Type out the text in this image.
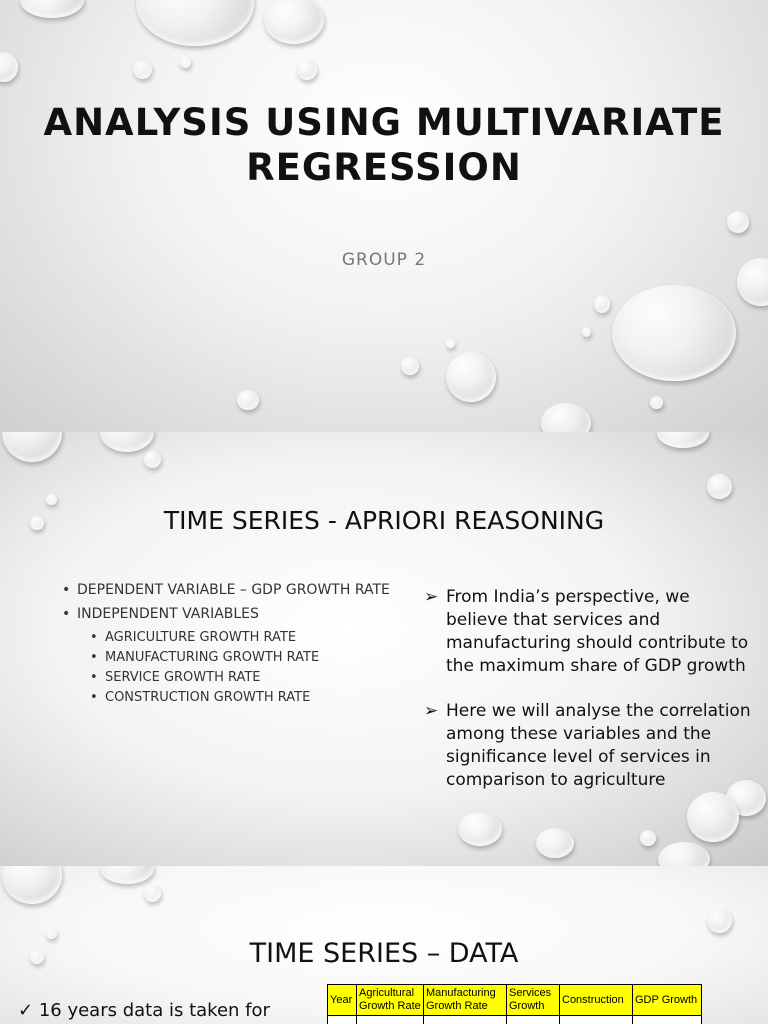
ANALYSIS USING MULTIVARIATE REGRESSION
GROUP 2
TIME SERIES - APRIORI REASONING
• DEPENDENT VARIABLE – GDP GROWTH RATE
• INDEPENDENT VARIABLES
• AGRICULTURE GROWTH RATE
• MANUFACTURING GROWTH RATE
• SERVICE GROWTH RATE
• CONSTRUCTION GROWTH RATE
➢ From India’s perspective, we believe that services and manufacturing should contribute to the maximum share of GDP growth
➢ Here we will analyse the correlation among these variables and the significance level of services in comparison to agriculture
TIME SERIES – DATA
✓ 16 years data is taken for
Year	Agricultural Growth Rate	Manufacturing Growth Rate	Services Growth	Construction	GDP Growth
